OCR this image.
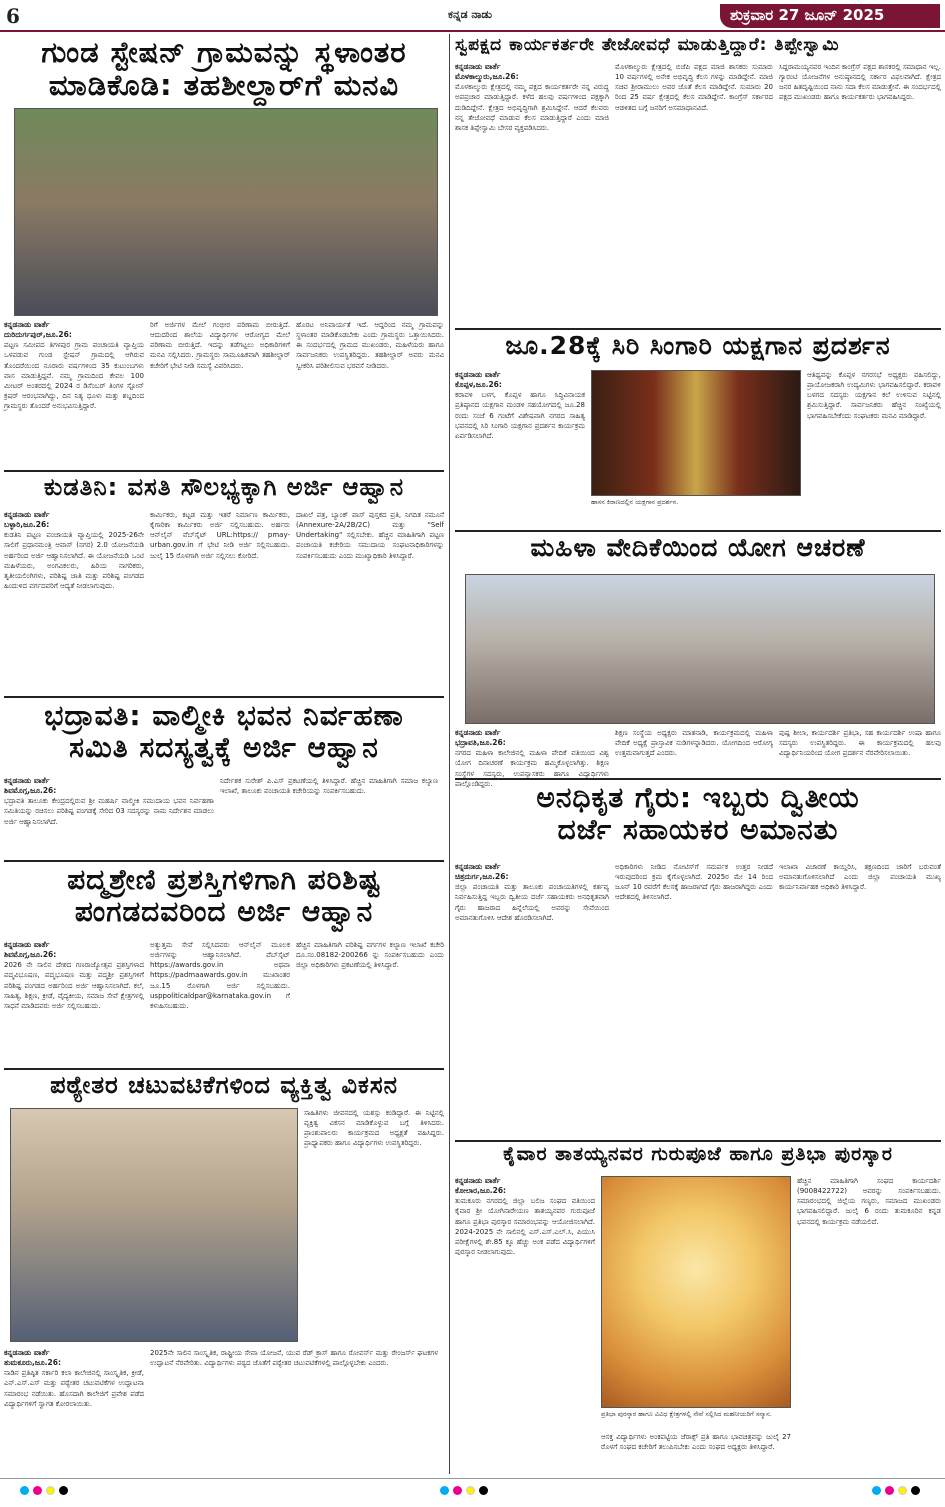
6	ಕನ್ನಡ ನಾಡು	ಶುಕ್ರವಾರ 27 ಜೂನ್ 2025
ಗುಂಡ ಸ್ಟೇಷನ್ ಗ್ರಾಮವನ್ನು ಸ್ಥಳಾಂತರ
ಮಾಡಿಕೊಡಿ: ತಹಶೀಲ್ದಾರ್‌ಗೆ ಮನವಿ
ಕನ್ನಡನಾಡು ವಾರ್ತೆ
ದುರಿದುರ್ಗಪುರ್,ಜೂ.26:

ಪಟ್ಟಣ ಸಮೀಪದ ತಿಗಳಪುರ ಗ್ರಾಮ ಪಂಚಾಯತಿ ವ್ಯಾಪ್ತಿಯ ಒಳಪಡುವ ಗುಂಡ ಸ್ಟೇಷನ್ ಗ್ರಾಮದಲ್ಲಿ ಆಗಿರುವ ತೊಂದರೆಯಿಂದ ನೂರಾರು ವರ್ಷಗಳಿಂದ 35 ಕುಟುಂಬಗಳು ವಾಸ ಮಾಡುತ್ತಿದ್ದವೆ. ನಮ್ಮ ಗ್ರಾಮದಿಂದ ಕೇವಲ 100 ಮೀಟರ್ ಅಂತರದಲ್ಲಿ 2024 ರ ಡಿಸೆಂಬರ್ ತಿಂಗಳ ಸ್ಟೋನ್ ಕ್ರಷರ್ ಆರಂಭವಾಗಿದ್ದು, ದಿನ ನಿತ್ಯ ಧೂಳು ಮತ್ತು ಶಬ್ದದಿಂದ ಗ್ರಾಮಸ್ಥರು ತೊಂದರೆ ಅನುಭವಿಸುತ್ತಿದ್ದಾರೆ.

ರಿಗೆ ಅರ್ಜಿಗಳ ಮೇಲೆ ಗಂಭೀರ ಪರಿಣಾಮ ಬೀರುತ್ತಿದೆ. ಆದುದರಿಂದ ಶಾಲೆಯ ವಿದ್ಯಾರ್ಥಿಗಳ ಆರೋಗ್ಯದ ಮೇಲೆ ಪರಿಣಾಮ ಬೀರುತ್ತಿದೆ. ಇದನ್ನು ತಡೆಗಟ್ಟಲು ಅಧಿಕಾರಿಗಳಿಗೆ ಮನವಿ ಸಲ್ಲಿಸಿದರು. ಗ್ರಾಮಸ್ಥರು ಸಾಮೂಹಿಕವಾಗಿ ತಹಶೀಲ್ದಾರ್ ಕಚೇರಿಗೆ ಭೇಟಿ ನೀಡಿ ಸಮಸ್ಯೆ ವಿವರಿಸಿದರು.

ಹೊರಟ ಅನಿವಾರ್ಯತೆ ಇದೆ. ಆದ್ದರಿಂದ ನಮ್ಮ ಗ್ರಾಮವನ್ನು ಸ್ಥಳಾಂತರ ಮಾಡಿಕೊಡಬೇಕು ಎಂದು ಗ್ರಾಮಸ್ಥರು ಒತ್ತಾಯಿಸಿದರು. ಈ ಸಂದರ್ಭದಲ್ಲಿ ಗ್ರಾಮದ ಮುಖಂಡರು, ಮಹಿಳೆಯರು ಹಾಗೂ ಸಾರ್ವಜನಿಕರು ಉಪಸ್ಥಿತರಿದ್ದರು. ತಹಶೀಲ್ದಾರ್ ಅವರು ಮನವಿ ಸ್ವೀಕರಿಸಿ ಪರಿಶೀಲಿಸುವ ಭರವಸೆ ನೀಡಿದರು.

ಕುಡತಿನಿ: ವಸತಿ ಸೌಲಭ್ಯಕ್ಕಾಗಿ ಅರ್ಜಿ ಆಹ್ವಾನ
ಕನ್ನಡನಾಡು ವಾರ್ತೆ
ಬಳ್ಳಾರಿ,ಜೂ.26:

ಕುಡತಿನಿ ಪಟ್ಟಣ ಪಂಚಾಯತಿ ವ್ಯಾಪ್ತಿಯಲ್ಲಿ 2025-26ನೇ ಸಾಲಿಗೆ ಪ್ರಧಾನಮಂತ್ರಿ ಆವಾಸ್ (ನಗರ) 2.0 ಯೋಜನೆಯಡಿ ಅರ್ಹರಿಂದ ಅರ್ಜಿ ಆಹ್ವಾನಿಸಲಾಗಿದೆ. ಈ ಯೋಜನೆಯಡಿ ಒಂಟಿ ಮಹಿಳೆಯರು, ಅಂಗವಿಕಲರು, ಹಿರಿಯ ನಾಗರಿಕರು, ತೃತೀಯಲಿಂಗಿಗಳು, ಪರಿಶಿಷ್ಟ ಜಾತಿ ಮತ್ತು ಪರಿಶಿಷ್ಟ ಪಂಗಡದ ಹಿಂದುಳಿದ ವರ್ಗದವರಿಗೆ ಆದ್ಯತೆ ನೀಡಲಾಗುವುದು.

ಕಾರ್ಮಿಕರು, ಕಟ್ಟಡ ಮತ್ತು ಇತರೆ ನಿರ್ಮಾಣ ಕಾರ್ಮಿಕರು, ಕೈಗಾರಿಕಾ ಕಾರ್ಮಿಕರು ಅರ್ಜಿ ಸಲ್ಲಿಸಬಹುದು. ಅರ್ಹರು ಆನ್‌ಲೈನ್ ವೆಬ್‌ಸೈಟ್ URL:https:// pmay-urban.gov.in ಗೆ ಭೇಟಿ ನೀಡಿ ಅರ್ಜಿ ಸಲ್ಲಿಸಬಹುದು. ಜುಲೈ 15 ರೊಳಗಾಗಿ ಅರ್ಜಿ ಸಲ್ಲಿಸಲು ಕೋರಿದೆ.

ದಾಖಲೆ ಪತ್ರ, ಬ್ಯಾಂಕ್ ಪಾಸ್ ಪುಸ್ತಕದ ಪ್ರತಿ, ನಿಗದಿತ ನಮೂನೆ (Annexure-2A/2B/2C) ಮತ್ತು "Self Undertaking" ಸಲ್ಲಿಸಬೇಕು. ಹೆಚ್ಚಿನ ಮಾಹಿತಿಗಾಗಿ ಪಟ್ಟಣ ಪಂಚಾಯತಿ ಕಚೇರಿಯ ಸಮುದಾಯ ಸಂಘಟನಾಧಿಕಾರಿಗಳನ್ನು ಸಂಪರ್ಕಿಸಬಹುದು ಎಂದು ಮುಖ್ಯಾಧಿಕಾರಿ ತಿಳಿಸಿದ್ದಾರೆ.

ಭದ್ರಾವತಿ: ವಾಲ್ಮೀಕಿ ಭವನ ನಿರ್ವಹಣಾ
ಸಮಿತಿ ಸದಸ್ಯತ್ವಕ್ಕೆ ಅರ್ಜಿ ಆಹ್ವಾನ
ಕನ್ನಡನಾಡು ವಾರ್ತೆ
ಶಿವಮೊಗ್ಗ,ಜೂ.26:

ಭದ್ರಾವತಿ ತಾಲೂಕು ಕೇಂದ್ರದಲ್ಲಿರುವ ಶ್ರೀ ಮಹರ್ಷಿ ವಾಲ್ಮೀಕಿ ಸಮುದಾಯ ಭವನ ನಿರ್ವಹಣಾ ಸಮಿತಿಯನ್ನು ರಚಿಸಲು ಪರಿಶಿಷ್ಟ ಪಂಗಡಕ್ಕೆ ಸೇರಿದ 03 ಸದಸ್ಯರನ್ನು ನಾಮ ನಿರ್ದೇಶನ ಮಾಡಲು ಅರ್ಜಿ ಆಹ್ವಾನಿಸಲಾಗಿದೆ.

ನಿರ್ದೇಶಕ ಸುರೇಶ್ ಪಿ.ಎಸ್ ಪ್ರಕಟಣೆಯಲ್ಲಿ ತಿಳಿಸಿದ್ದಾರೆ. ಹೆಚ್ಚಿನ ಮಾಹಿತಿಗಾಗಿ ಸಮಾಜ ಕಲ್ಯಾಣ ಇಲಾಖೆ, ತಾಲೂಕು ಪಂಚಾಯತಿ ಕಚೇರಿಯನ್ನು ಸಂಪರ್ಕಿಸಬಹುದು.

ಪದ್ಮಶ್ರೇಣಿ ಪ್ರಶಸ್ತಿಗಳಿಗಾಗಿ ಪರಿಶಿಷ್ಟ
ಪಂಗಡದವರಿಂದ ಅರ್ಜಿ ಆಹ್ವಾನ
ಕನ್ನಡನಾಡು ವಾರ್ತೆ
ಶಿವಮೊಗ್ಗ,ಜೂ.26:

2026 ನೇ ಸಾಲಿನ ದೇಶದ ಗಣರಾಜ್ಯೋತ್ಸವ ಪ್ರಶಸ್ತಿಗಳಾದ ಪದ್ಮವಿಭೂಷಣ, ಪದ್ಮಭೂಷಣ ಮತ್ತು ಪದ್ಮಶ್ರೀ ಪ್ರಶಸ್ತಿಗಳಿಗೆ ಪರಿಶಿಷ್ಟ ಪಂಗಡದ ಅರ್ಹರಿಂದ ಅರ್ಜಿ ಆಹ್ವಾನಿಸಲಾಗಿದೆ. ಕಲೆ, ಸಾಹಿತ್ಯ, ಶಿಕ್ಷಣ, ಕ್ರೀಡೆ, ವೈದ್ಯಕೀಯ, ಸಮಾಜ ಸೇವೆ ಕ್ಷೇತ್ರಗಳಲ್ಲಿ ಸಾಧನೆ ಮಾಡಿದವರು ಅರ್ಜಿ ಸಲ್ಲಿಸಬಹುದು.

ಅತ್ಯುತ್ತಮ ಸೇವೆ ಸಲ್ಲಿಸಿದವರು ಆನ್‌ಲೈನ್ ಮೂಲಕ ಅರ್ಜಿಗಳನ್ನು ಆಹ್ವಾನಿಸಲಾಗಿದೆ. ವೆಬ್‌ಸೈಟ್ https://awards.gov.in ಅಥವಾ https://padmaawards.gov.in ಮುಖಾಂತರ ಜೂ.15 ರೊಳಗಾಗಿ ಅರ್ಜಿ ಸಲ್ಲಿಸಬಹುದು. usppoliticaldpar@karnataka.gov.in ಗೆ ಕಳುಹಿಸಬಹುದು.

ಹೆಚ್ಚಿನ ಮಾಹಿತಿಗಾಗಿ ಪರಿಶಿಷ್ಟ ವರ್ಗಗಳ ಕಲ್ಯಾಣ ಇಲಾಖೆ ಕಚೇರಿ ದೂ.ಸಂ.08182-200266 ನ್ನು ಸಂಪರ್ಕಿಸಬಹುದು ಎಂದು ಜಿಲ್ಲಾ ಅಧಿಕಾರಿಗಳು ಪ್ರಕಟಣೆಯಲ್ಲಿ ತಿಳಿಸಿದ್ದಾರೆ.

ಪಠ್ಯೇತರ ಚಟುವಟಿಕೆಗಳಿಂದ ವ್ಯಕ್ತಿತ್ವ ವಿಕಸನ

ಸಾಹಿತಿಗಳು ಜೀವನದಲ್ಲಿ ಯಶಸ್ಸು ಕಂಡಿದ್ದಾರೆ. ಈ ನಿಟ್ಟಿನಲ್ಲಿ ವ್ಯಕ್ತಿತ್ವ ವಿಕಸನ ಮಾಡಿಕೊಳ್ಳುವ ಬಗ್ಗೆ ತಿಳಿಸಿದರು. ಪ್ರಾಂಶುಪಾಲರು ಕಾರ್ಯಕ್ರಮದ ಅಧ್ಯಕ್ಷತೆ ವಹಿಸಿದ್ದರು. ಪ್ರಾಧ್ಯಾಪಕರು ಹಾಗೂ ವಿದ್ಯಾರ್ಥಿಗಳು ಉಪಸ್ಥಿತರಿದ್ದರು.

ಕನ್ನಡನಾಡು ವಾರ್ತೆ
ತುಮಕೂರು,ಜೂ.26:

ನಾಡಿನ ಪ್ರತಿಷ್ಠಿತ ಸರ್ಕಾರಿ ಕಲಾ ಕಾಲೇಜಿನಲ್ಲಿ ಸಾಂಸ್ಕೃತಿಕ, ಕ್ರೀಡೆ, ಎನ್.ಎಸ್.ಎಸ್ ಮತ್ತು ಪಠ್ಯೇತರ ಚಟುವಟಿಕೆಗಳ ಉದ್ಘಾಟನಾ ಸಮಾರಂಭ ನಡೆಯಿತು. ಹೊಸದಾಗಿ ಕಾಲೇಜಿಗೆ ಪ್ರವೇಶ ಪಡೆದ ವಿದ್ಯಾರ್ಥಿಗಳಿಗೆ ಸ್ವಾಗತ ಕೋರಲಾಯಿತು.

2025ನೇ ಸಾಲಿನ ಸಾಂಸ್ಕೃತಿಕ, ರಾಷ್ಟ್ರೀಯ ಸೇವಾ ಯೋಜನೆ, ಯುವ ರೆಡ್ ಕ್ರಾಸ್ ಹಾಗೂ ರೋವರ್ಸ್ ಮತ್ತು ರೇಂಜರ್ಸ್ ಘಟಕಗಳ ಉದ್ಘಾಟನೆ ನೆರವೇರಿತು. ವಿದ್ಯಾರ್ಥಿಗಳು ಪಠ್ಯದ ಜೊತೆಗೆ ಪಠ್ಯೇತರ ಚಟುವಟಿಕೆಗಳಲ್ಲಿ ಪಾಲ್ಗೊಳ್ಳಬೇಕು ಎಂದರು.

ಸ್ವಪಕ್ಷದ ಕಾರ್ಯಕರ್ತರೇ ತೇಜೋವಧೆ ಮಾಡುತ್ತಿದ್ದಾರೆ: ತಿಪ್ಪೇಸ್ವಾಮಿ
ಕನ್ನಡನಾಡು ವಾರ್ತೆ
ಮೊಳಕಾಲ್ಮುರು,ಜೂ.26:

ಮೊಳಕಾಲ್ಮುರು ಕ್ಷೇತ್ರದಲ್ಲಿ ನಮ್ಮ ಪಕ್ಷದ ಕಾರ್ಯಕರ್ತರೇ ನನ್ನ ವಿರುದ್ಧ ಅಪಪ್ರಚಾರ ಮಾಡುತ್ತಿದ್ದಾರೆ. ಕಳೆದ ಹಲವು ವರ್ಷಗಳಿಂದ ಪಕ್ಷಕ್ಕಾಗಿ ದುಡಿದಿದ್ದೇನೆ. ಕ್ಷೇತ್ರದ ಅಭಿವೃದ್ಧಿಗಾಗಿ ಶ್ರಮಿಸಿದ್ದೇನೆ. ಆದರೆ ಕೆಲವರು ನನ್ನ ತೇಜೋವಧೆ ಮಾಡುವ ಕೆಲಸ ಮಾಡುತ್ತಿದ್ದಾರೆ ಎಂದು ಮಾಜಿ ಶಾಸಕ ತಿಪ್ಪೇಸ್ವಾಮಿ ಬೇಸರ ವ್ಯಕ್ತಪಡಿಸಿದರು.

ಮೊಳಕಾಲ್ಮುರು ಕ್ಷೇತ್ರದಲ್ಲಿ ಬಿಜೆಪಿ ಪಕ್ಷದ ಮಾಜಿ ಶಾಸಕರು ಸುಮಾರು 10 ವರ್ಷಗಳಲ್ಲಿ ಅನೇಕ ಅಭಿವೃದ್ಧಿ ಕೆಲಸ ಗಳನ್ನು ಮಾಡಿದ್ದೇನೆ. ಮಾಜಿ ಸಚಿವ ಶ್ರೀರಾಮುಲು ಅವರ ಜೊತೆ ಕೆಲಸ ಮಾಡಿದ್ದೇನೆ. ಸುಮಾರು 20 ರಿಂದ 25 ವರ್ಷ ಕ್ಷೇತ್ರದಲ್ಲಿ ಕೆಲಸ ಮಾಡಿದ್ದೇನೆ. ಕಾಂಗ್ರೆಸ್ ಸರ್ಕಾರದ ಆಡಳಿತದ ಬಗ್ಗೆ ಜನರಿಗೆ ಅಸಮಾಧಾನವಿದೆ.

ಸಿದ್ದರಾಮಯ್ಯನವರ ಇಂದಿನ ಕಾಂಗ್ರೆಸ್ ಪಕ್ಷದ ಶಾಸಕರಲ್ಲಿ ಸಮಾಧಾನ ಇಲ್ಲ. ಗ್ಯಾರಂಟಿ ಯೋಜನೆಗಳ ಅನುಷ್ಠಾನದಲ್ಲಿ ಸರ್ಕಾರ ವಿಫಲವಾಗಿದೆ. ಕ್ಷೇತ್ರದ ಜನರ ಹಿತದೃಷ್ಟಿಯಿಂದ ನಾನು ಸದಾ ಕೆಲಸ ಮಾಡುತ್ತೇನೆ. ಈ ಸಂದರ್ಭದಲ್ಲಿ ಪಕ್ಷದ ಮುಖಂಡರು ಹಾಗೂ ಕಾರ್ಯಕರ್ತರು ಭಾಗವಹಿಸಿದ್ದರು.

ಜೂ.28ಕ್ಕೆ ಸಿರಿ ಸಿಂಗಾರಿ ಯಕ್ಷಗಾನ ಪ್ರದರ್ಶನ
ಕನ್ನಡನಾಡು ವಾರ್ತೆ
ಕೊಪ್ಪಳ,ಜೂ.26:

ಕರಾವಳಿ ಬಳಗ, ಕೊಪ್ಪಳ ಹಾಗೂ ಸಿದ್ಧಿವಿನಾಯಕ ಪ್ರತಿಷ್ಠಾನದ ಯಕ್ಷಗಾನ ಮಂಡಳಿ ಸಹಯೋಗದಲ್ಲಿ ಜೂ.28 ರಂದು ಸಂಜೆ 6 ಗಂಟೆಗೆ ವಿಶೇಷವಾಗಿ ನಗರದ ಸಾಹಿತ್ಯ ಭವನದಲ್ಲಿ ಸಿರಿ ಸಿಂಗಾರಿ ಯಕ್ಷಗಾನ ಪ್ರದರ್ಶನ ಕಾರ್ಯಕ್ರಮ ಏರ್ಪಡಿಸಲಾಗಿದೆ.

ಹಾಸನ ಕಿರಾಣದಲ್ಲಿನ ಯಕ್ಷಗಾನ ಪ್ರದರ್ಶನ.

ಆತಿಥ್ಯವನ್ನು ಕೊಪ್ಪಳ ನಗರಸಭೆ ಅಧ್ಯಕ್ಷರು ವಹಿಸಲಿದ್ದು, ಪ್ರಾಯೋಜಕರಾಗಿ ಉದ್ಯಮಿಗಳು ಭಾಗವಹಿಸಲಿದ್ದಾರೆ. ಕರಾವಳಿ ಬಳಗದ ಸದಸ್ಯರು ಯಕ್ಷಗಾನ ಕಲೆ ಉಳಿಸುವ ನಿಟ್ಟಿನಲ್ಲಿ ಶ್ರಮಿಸುತ್ತಿದ್ದಾರೆ. ಸಾರ್ವಜನಿಕರು ಹೆಚ್ಚಿನ ಸಂಖ್ಯೆಯಲ್ಲಿ ಭಾಗವಹಿಸಬೇಕೆಂದು ಸಂಘಟಕರು ಮನವಿ ಮಾಡಿದ್ದಾರೆ.

ಮಹಿಳಾ ವೇದಿಕೆಯಿಂದ ಯೋಗ ಆಚರಣೆ
ಕನ್ನಡನಾಡು ವಾರ್ತೆ
ಭದ್ರಾವತಿ,ಜೂ.26:

ನಗರದ ಮಹಿಳಾ ಕಾಲೇಜಿನಲ್ಲಿ ಮಹಿಳಾ ವೇದಿಕೆ ವತಿಯಿಂದ ವಿಶ್ವ ಯೋಗ ದಿನಾಚರಣೆ ಕಾರ್ಯಕ್ರಮ ಹಮ್ಮಿಕೊಳ್ಳಲಾಗಿತ್ತು. ಶಿಕ್ಷಣ ಸಂಸ್ಥೆಗಳ ಸದಸ್ಯರು, ಉಪನ್ಯಾಸಕರು ಹಾಗೂ ವಿದ್ಯಾರ್ಥಿಗಳು ಪಾಲ್ಗೊಂಡಿದ್ದರು.

ಶಿಕ್ಷಣ ಸಂಸ್ಥೆಯ ಅಧ್ಯಕ್ಷರು ಮಾತನಾಡಿ, ಕಾರ್ಯಕ್ರಮದಲ್ಲಿ ಮಹಿಳಾ ವೇದಿಕೆ ಅಧ್ಯಕ್ಷೆ ಪ್ರಾಸ್ತಾವಿಕ ನುಡಿಗಳನ್ನಾಡಿದರು. ಯೋಗದಿಂದ ಆರೋಗ್ಯ ಉತ್ತಮವಾಗುತ್ತದೆ ಎಂದರು.

ಪುಷ್ಪ ಶೀಲಾ, ಕಾರ್ಯದರ್ಶಿ ಪ್ರತಿಭಾ, ಸಹ ಕಾರ್ಯದರ್ಶಿ ಉಷಾ ಹಾಗೂ ಸದಸ್ಯರು ಉಪಸ್ಥಿತರಿದ್ದರು. ಈ ಕಾರ್ಯಕ್ರಮದಲ್ಲಿ ಹಲವು ವಿದ್ಯಾರ್ಥಿನಿಯರಿಂದ ಯೋಗ ಪ್ರದರ್ಶನ ನೆರವೇರಿಸಲಾಯಿತು.

ಅನಧಿಕೃತ ಗೈರು: ಇಬ್ಬರು ದ್ವಿತೀಯ
ದರ್ಜೆ ಸಹಾಯಕರ ಅಮಾನತು
ಕನ್ನಡನಾಡು ವಾರ್ತೆ
ಚಿತ್ರದುರ್ಗ,ಜೂ.26:

ಜಿಲ್ಲಾ ಪಂಚಾಯತಿ ಮತ್ತು ತಾಲೂಕು ಪಂಚಾಯತಿಗಳಲ್ಲಿ ಕರ್ತವ್ಯ ನಿರ್ವಹಿಸುತ್ತಿದ್ದ ಇಬ್ಬರು ದ್ವಿತೀಯ ದರ್ಜೆ ಸಹಾಯಕರು ಅನಧಿಕೃತವಾಗಿ ಗೈರು ಹಾಜರಾದ ಹಿನ್ನೆಲೆಯಲ್ಲಿ ಅವರನ್ನು ಸೇವೆಯಿಂದ ಅಮಾನತುಗೊಳಿಸಿ ಆದೇಶ ಹೊರಡಿಸಲಾಗಿದೆ.

ಅಧಿಕಾರಿಗಳು ನೀಡಿದ ನೋಟಿಸ್‌ಗೆ ಸಮರ್ಪಕ ಉತ್ತರ ನೀಡದೆ ಇರುವುದರಿಂದ ಕ್ರಮ ಕೈಗೊಳ್ಳಲಾಗಿದೆ. 2025ರ ಮೇ 14 ರಿಂದ ಜೂನ್ 10 ರವರೆಗೆ ಕೆಲಸಕ್ಕೆ ಹಾಜರಾಗದೆ ಗೈರು ಹಾಜರಾಗಿದ್ದರು ಎಂದು ಆದೇಶದಲ್ಲಿ ತಿಳಿಸಲಾಗಿದೆ.

ಇಲಾಖಾ ವಿಚಾರಣೆ ಕಾಯ್ದಿರಿಸಿ, ತಕ್ಷಣದಿಂದ ಜಾರಿಗೆ ಬರುವಂತೆ ಅಮಾನತುಗೊಳಿಸಲಾಗಿದೆ ಎಂದು ಜಿಲ್ಲಾ ಪಂಚಾಯತಿ ಮುಖ್ಯ ಕಾರ್ಯನಿರ್ವಾಹಕ ಅಧಿಕಾರಿ ತಿಳಿಸಿದ್ದಾರೆ.

ಕೈವಾರ ತಾತಯ್ಯನವರ ಗುರುಪೂಜೆ ಹಾಗೂ ಪ್ರತಿಭಾ ಪುರಸ್ಕಾರ
ಕನ್ನಡನಾಡು ವಾರ್ತೆ
ಕೋಲಾರ,ಜೂ.26:

ತುಮಕೂರು ನಗರದಲ್ಲಿ ಜಿಲ್ಲಾ ಬಲಿಜ ಸಂಘದ ವತಿಯಿಂದ ಕೈವಾರ ಶ್ರೀ ಯೋಗಿನಾರೇಯಣ ತಾತಯ್ಯನವರ ಗುರುಪೂಜೆ ಹಾಗೂ ಪ್ರತಿಭಾ ಪುರಸ್ಕಾರ ಸಮಾರಂಭವನ್ನು ಆಯೋಜಿಸಲಾಗಿದೆ. 2024-2025 ನೇ ಸಾಲಿನಲ್ಲಿ ಎಸ್.ಎಸ್.ಎಲ್.ಸಿ, ಪಿಯುಸಿ ಪರೀಕ್ಷೆಗಳಲ್ಲಿ ಶೇ.85 ಕ್ಕೂ ಹೆಚ್ಚು ಅಂಕ ಪಡೆದ ವಿದ್ಯಾರ್ಥಿಗಳಿಗೆ ಪುರಸ್ಕಾರ ನೀಡಲಾಗುವುದು.

ಪ್ರತಿಭಾ ಪುರಸ್ಕಾರ ಹಾಗೂ ವಿವಿಧ ಕ್ಷೇತ್ರಗಳಲ್ಲಿ ಸೇವೆ ಸಲ್ಲಿಸಿದ ಮಹನೀಯರಿಗೆ ಸನ್ಮಾನ.

ಆಸಕ್ತ ವಿದ್ಯಾರ್ಥಿಗಳು ಅಂಕಪಟ್ಟಿಯ ಜೆರಾಕ್ಸ್ ಪ್ರತಿ ಹಾಗೂ ಭಾವಚಿತ್ರವನ್ನು ಜುಲೈ 27 ರೊಳಗೆ ಸಂಘದ ಕಚೇರಿಗೆ ತಲುಪಿಸಬೇಕು ಎಂದು ಸಂಘದ ಅಧ್ಯಕ್ಷರು ತಿಳಿಸಿದ್ದಾರೆ.

ಹೆಚ್ಚಿನ ಮಾಹಿತಿಗಾಗಿ ಸಂಘದ ಕಾರ್ಯದರ್ಶಿ (9008422722) ಅವರನ್ನು ಸಂಪರ್ಕಿಸಬಹುದು. ಸಮಾರಂಭದಲ್ಲಿ ಜಿಲ್ಲೆಯ ಗಣ್ಯರು, ಸಮಾಜದ ಮುಖಂಡರು ಭಾಗವಹಿಸಲಿದ್ದಾರೆ. ಜುಲೈ 6 ರಂದು ತುಮಕೂರಿನ ಕನ್ನಡ ಭವನದಲ್ಲಿ ಕಾರ್ಯಕ್ರಮ ನಡೆಯಲಿದೆ.
